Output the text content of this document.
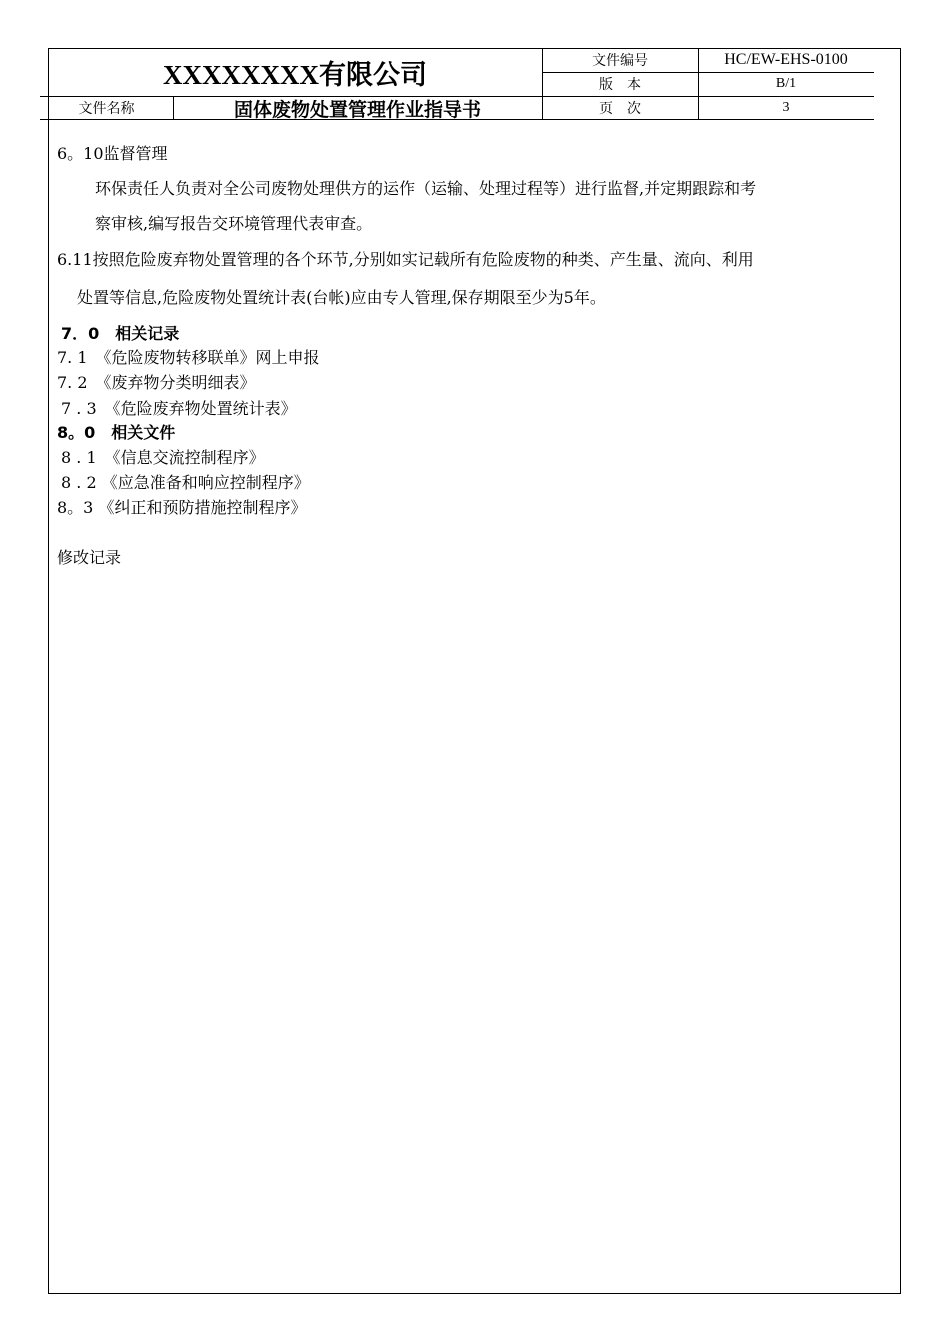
XXXXXXXX有限公司	文件编号	HC/EW-EHS-0100
版　本	B/1
文件名称	固体废物处置管理作业指导书	页　次	3
6。10监督管理
环保责任人负责对全公司废物处理供方的运作（运输、处理过程等）进行监督,并定期跟踪和考
察审核,编写报告交环境管理代表审查。
6.11按照危险废弃物处置管理的各个环节,分别如实记载所有危险废物的种类、产生量、流向、利用
处置等信息,危险废物处置统计表(台帐)应由专人管理,保存期限至少为5年。
7．0　相关记录
7. 1　《危险废物转移联单》网上申报
7. 2　《废弃物分类明细表》
7 . 3　《危险废弃物处置统计表》
8。0　相关文件
8 . 1　《信息交流控制程序》
8 . 2 《应急准备和响应控制程序》
8。3 《纠正和预防措施控制程序》
修改记录
